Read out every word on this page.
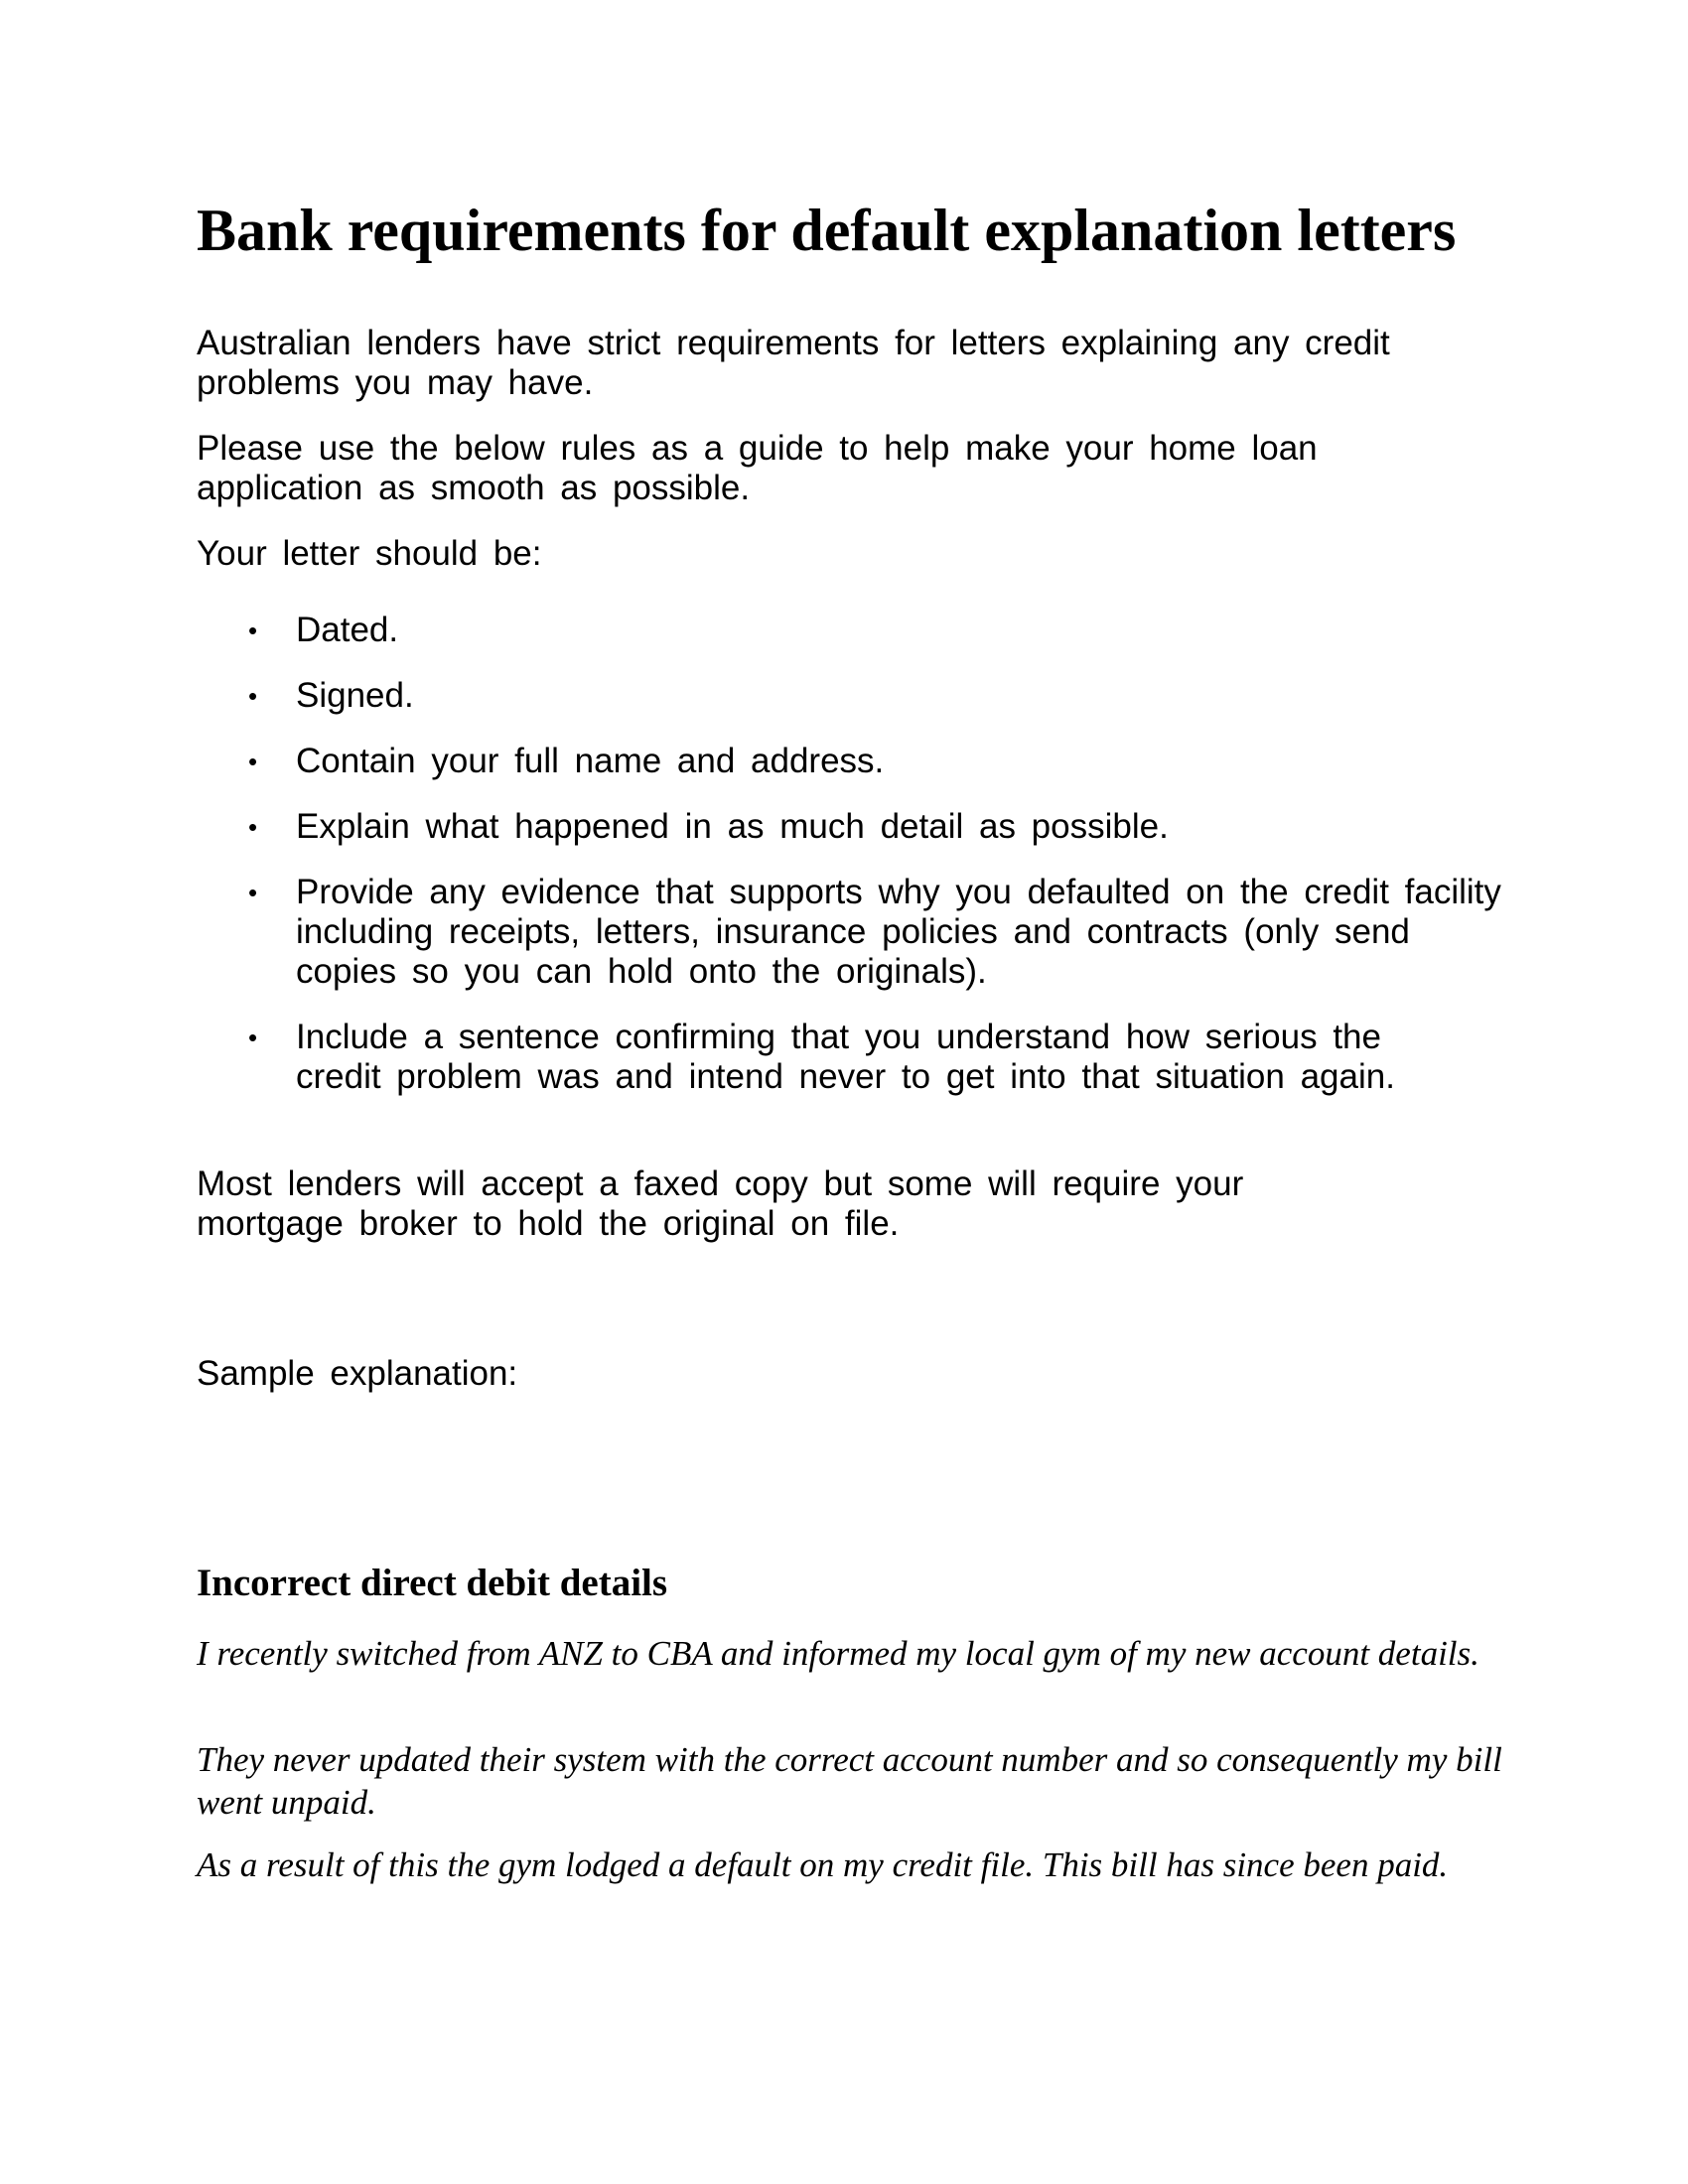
Bank requirements for default explanation letters

Australian lenders have strict requirements for letters explaining any credit problems you may have.

Please use the below rules as a guide to help make your home loan application as smooth as possible.

Your letter should be:

• Dated.
• Signed.
• Contain your full name and address.
• Explain what happened in as much detail as possible.
• Provide any evidence that supports why you defaulted on the credit facility including receipts, letters, insurance policies and contracts (only send copies so you can hold onto the originals).
• Include a sentence confirming that you understand how serious the credit problem was and intend never to get into that situation again.

Most lenders will accept a faxed copy but some will require your mortgage broker to hold the original on file.

Sample explanation:

Incorrect direct debit details

I recently switched from ANZ to CBA and informed my local gym of my new account details.

They never updated their system with the correct account number and so consequently my bill went unpaid.

As a result of this the gym lodged a default on my credit file. This bill has since been paid.
